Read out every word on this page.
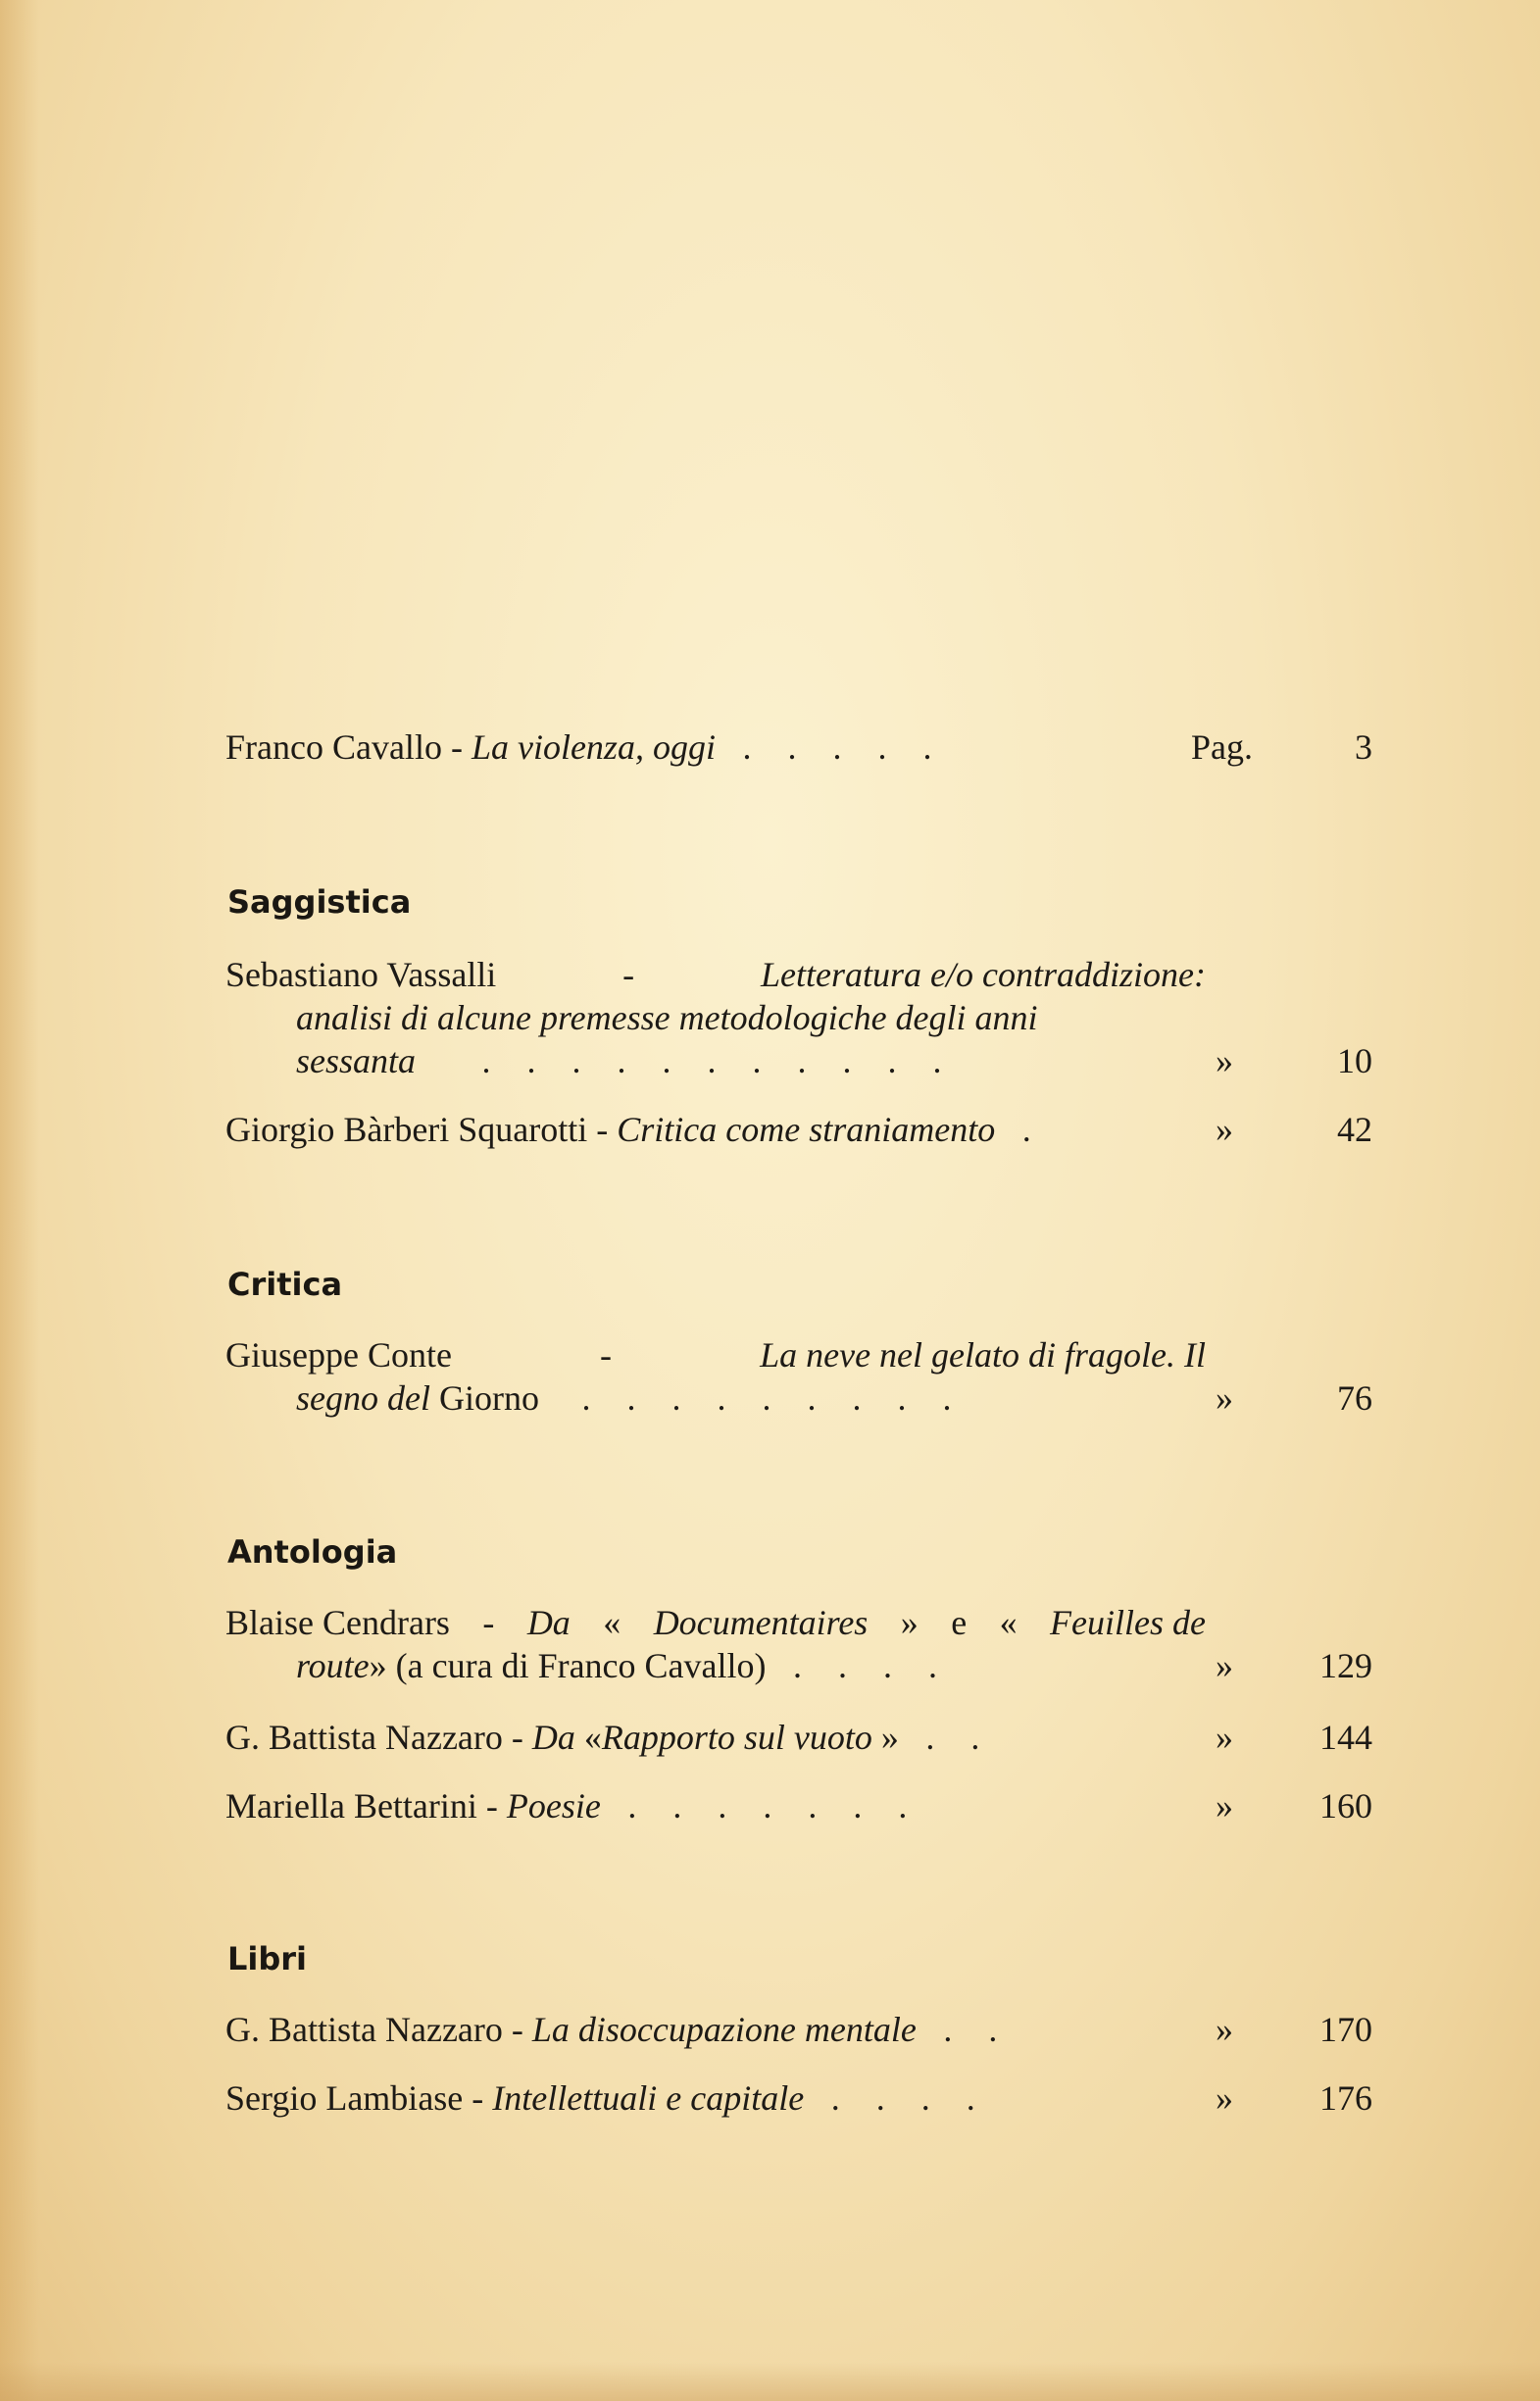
Franco Cavallo - La violenza, oggi . . . . .	Pag.	3
Saggistica
Sebastiano Vassalli	-	Letteratura e/o contraddizione:
analisi di alcune premesse metodologiche degli anni
sessanta . . . . . . . . . . .	»	10
Giorgio Bàrberi Squarotti - Critica come straniamento .	»	42
Critica
Giuseppe Conte	-	La neve nel gelato di fragole. Il
segno del Giorno . . . . . . . . .	»	76
Antologia
Blaise Cendrars - Da « Documentaires » e « Feuilles de
route» (a cura di Franco Cavallo) . . . .	» 129
G. Battista Nazzaro - Da «Rapporto sul vuoto » . .	» 144
Mariella Bettarini - Poesie . . . . . . .	» 160
Libri
G. Battista Nazzaro - La disoccupazione mentale . .	» 170
Sergio Lambiase - Intellettuali e capitale . . . .	» 176
